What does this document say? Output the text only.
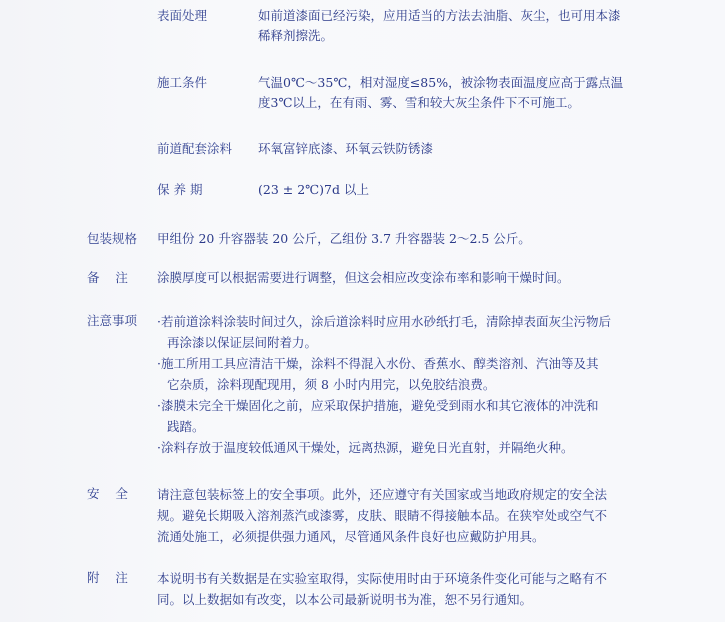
表面处理	如前道漆面已经污染，应用适当的方法去油脂、灰尘，也可用本漆
稀释剂擦洗。
施工条件	气温0℃～35℃，相对湿度≤85%，被涂物表面温度应高于露点温
度3℃以上，在有雨、雾、雪和较大灰尘条件下不可施工。
前道配套涂料 环氧富锌底漆、环氧云铁防锈漆
保 养 期	(23 ± 2℃)7d 以上
包装规格 甲组份 20 升容器装 20 公斤，乙组份 3.7 升容器装 2～2.5 公斤。
备    注 涂膜厚度可以根据需要进行调整，但这会相应改变涂布率和影响干燥时间。
注意事项 ·若前道涂料涂装时间过久，涂后道涂料时应用水砂纸打毛，清除掉表面灰尘污物后
再涂漆以保证层间附着力。
·施工所用工具应清洁干燥，涂料不得混入水份、香蕉水、醇类溶剂、汽油等及其
它杂质，涂料现配现用，须 8 小时内用完，以免胶结浪费。
·漆膜未完全干燥固化之前，应采取保护措施，避免受到雨水和其它液体的冲洗和
践踏。
·涂料存放于温度较低通风干燥处，远离热源，避免日光直射，并隔绝火种。
安    全 请注意包装标签上的安全事项。此外，还应遵守有关国家或当地政府规定的安全法
规。避免长期吸入溶剂蒸汽或漆雾，皮肤、眼睛不得接触本品。在狭窄处或空气不
流通处施工，必须提供强力通风，尽管通风条件良好也应戴防护用具。
附    注 本说明书有关数据是在实验室取得，实际使用时由于环境条件变化可能与之略有不
同。以上数据如有改变，以本公司最新说明书为准，恕不另行通知。
